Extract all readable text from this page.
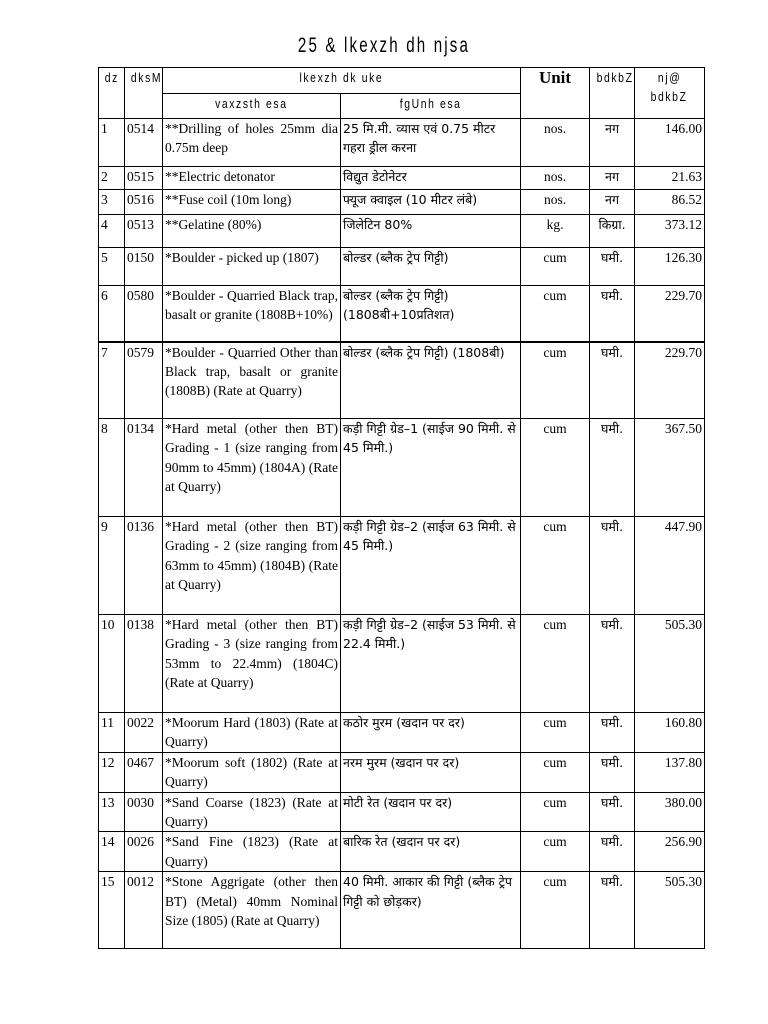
25 & lkexzh dh njsa
dz	dksM	lkexzh dk uke		Unit	bdkbZ	nj@
bdkbZ
		vaxzsth esa	fgUnh esa			
1	0514	**Drilling of holes 25mm dia 0.75m deep	25 मि.मी. व्यास एवं 0.75 मीटर गहरा ड्रील करना	nos.	नग	146.00
2	0515	**Electric detonator	विद्युत डेटोनेटर	nos.	नग	21.63
3	0516	**Fuse coil (10m long)	फ्यूज क्वाइल (10 मीटर लंबे)	nos.	नग	86.52
4	0513	**Gelatine (80%)	जिलेटिन 80%	kg.	किग्रा.	373.12
5	0150	*Boulder - picked up (1807)	बोल्डर (ब्लैक ट्रेप गिट्टी)	cum	घमी.	126.30
6	0580	*Boulder - Quarried Black trap, basalt or granite (1808B+10%)	बोल्डर (ब्लैक ट्रेप गिट्टी) (1808बी+10प्रतिशत)	cum	घमी.	229.70
7	0579	*Boulder - Quarried Other than Black trap, basalt or granite (1808B) (Rate at Quarry)	बोल्डर (ब्लैक ट्रेप गिट्टी) (1808बी)	cum	घमी.	229.70
8	0134	*Hard metal (other then BT) Grading - 1 (size ranging from 90mm to 45mm) (1804A) (Rate at Quarry)	कड़ी गिट्टी ग्रेड–1 (साईज 90 मिमी. से 45 मिमी.)	cum	घमी.	367.50
9	0136	*Hard metal (other then BT) Grading - 2 (size ranging from 63mm to 45mm) (1804B) (Rate at Quarry)	कड़ी गिट्टी ग्रेड–2 (साईज 63 मिमी. से 45 मिमी.)	cum	घमी.	447.90
10	0138	*Hard metal (other then BT) Grading - 3 (size ranging from 53mm to 22.4mm) (1804C) (Rate at Quarry)	कड़ी गिट्टी ग्रेड–2 (साईज 53 मिमी. से 22.4 मिमी.)	cum	घमी.	505.30
11	0022	*Moorum Hard (1803) (Rate at Quarry)	कठोर मुरम (खदान पर दर)	cum	घमी.	160.80
12	0467	*Moorum soft (1802) (Rate at Quarry)	नरम मुरम (खदान पर दर)	cum	घमी.	137.80
13	0030	*Sand Coarse (1823) (Rate at Quarry)	मोटी रेत (खदान पर दर)	cum	घमी.	380.00
14	0026	*Sand Fine (1823) (Rate at Quarry)	बारिक रेत (खदान पर दर)	cum	घमी.	256.90
15	0012	*Stone Aggrigate (other then BT) (Metal) 40mm Nominal Size (1805) (Rate at Quarry)	40 मिमी. आकार की गिट्टी (ब्लैक ट्रेप गिट्टी को छोड़कर)	cum	घमी.	505.30
